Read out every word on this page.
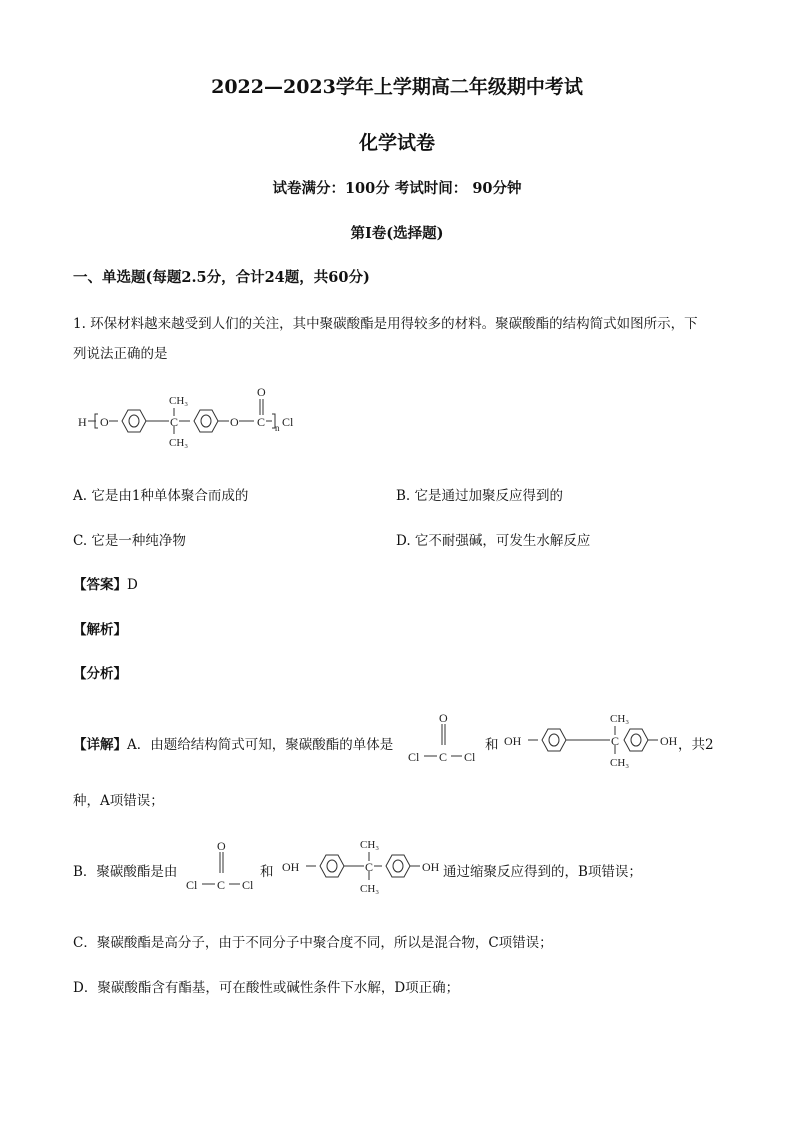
2022—2023学年上学期高二年级期中考试
化学试卷
试卷满分：100分 考试时间： 90分钟
第Ⅰ卷(选择题)
一、单选题(每题2.5分，合计24题，共60分)
1. 环保材料越来越受到人们的关注，其中聚碳酸酯是用得较多的材料。聚碳酸酯的结构简式如图所示，下
列说法正确的是
H O
CH₃
C
CH₃
O
O
C n Cl
A. 它是由1种单体聚合而成的	B. 它是通过加聚反应得到的
C. 它是一种纯净物	D. 它不耐强碱，可发生水解反应
【答案】D
【解析】
【分析】
【详解】A．由题给结构简式可知，聚碳酸酯的单体是
O
Cl C Cl
和 OH
CH₃
C
CH₃
OH ，共2
种，A项错误；
B．聚碳酸酯是由
O
Cl C Cl
和 OH
CH₃
C
CH₃
OH 通过缩聚反应得到的，B项错误；
C．聚碳酸酯是高分子，由于不同分子中聚合度不同，所以是混合物，C项错误；
D．聚碳酸酯含有酯基，可在酸性或碱性条件下水解，D项正确；
